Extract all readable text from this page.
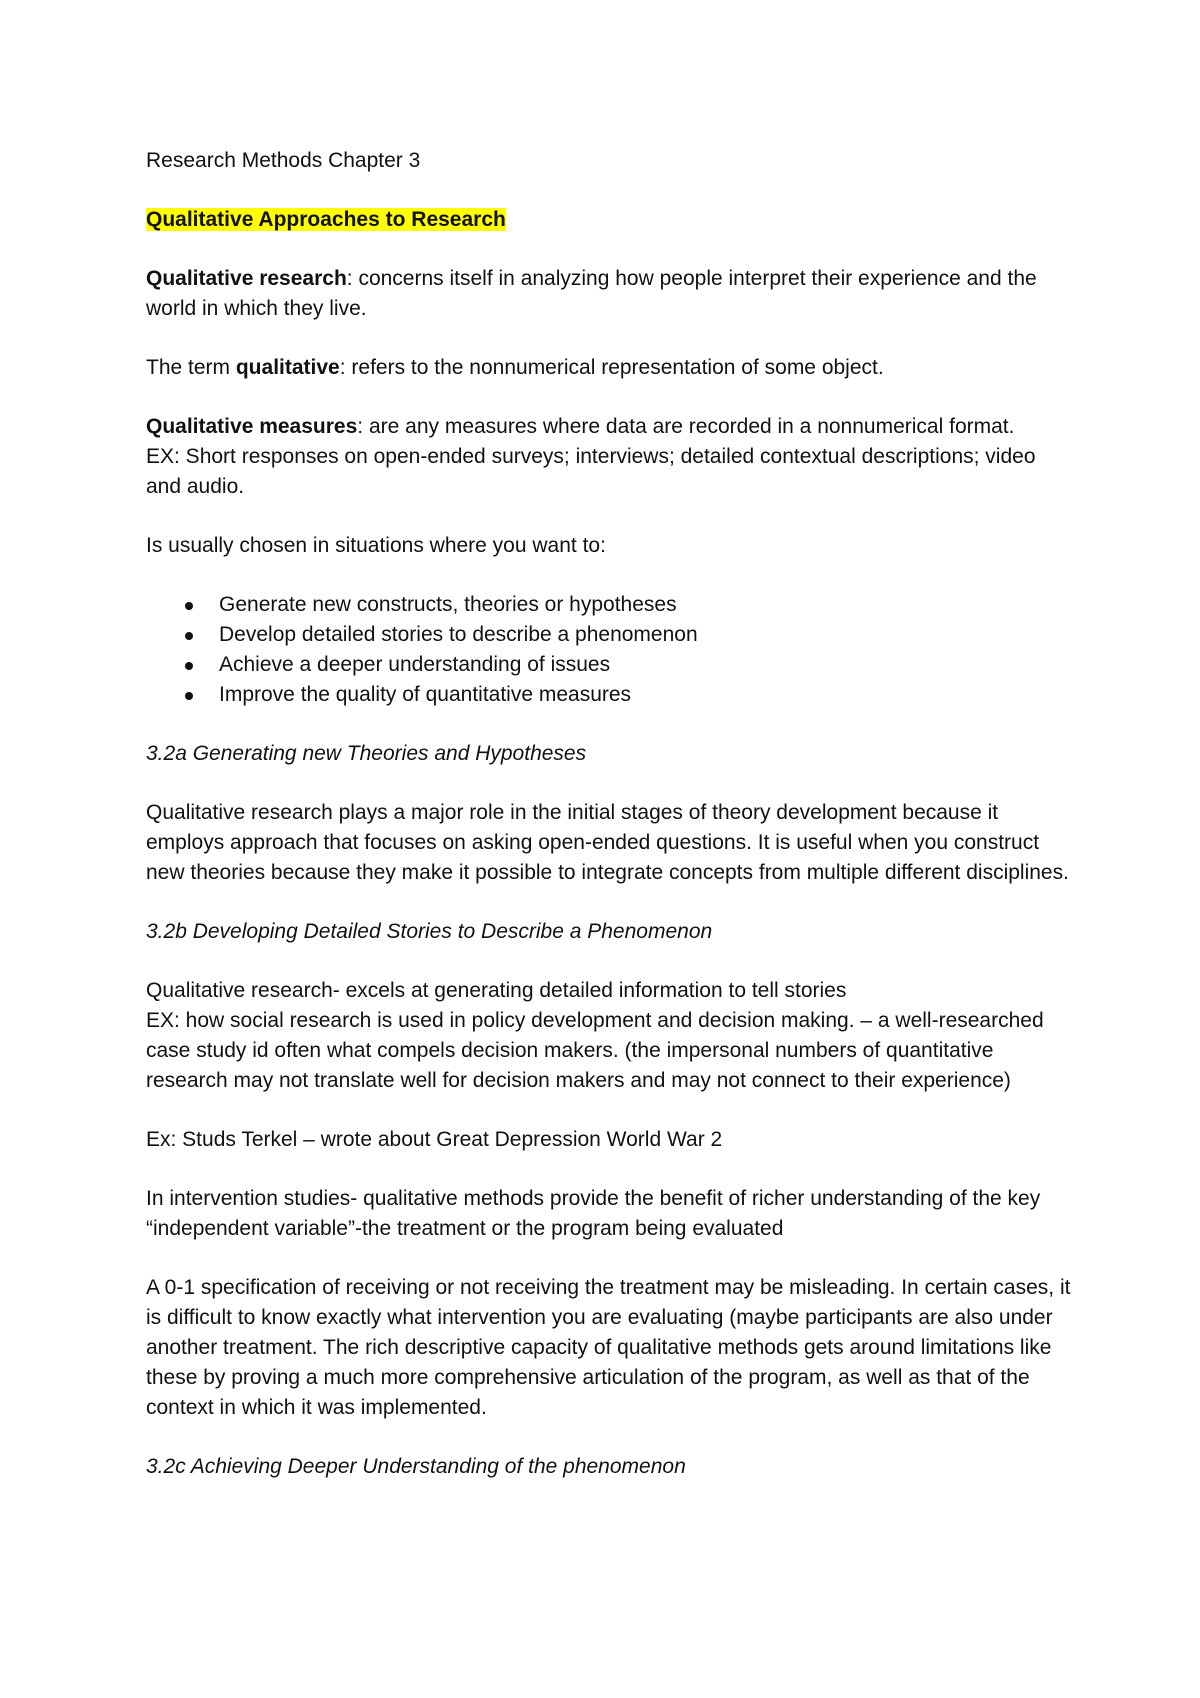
Research Methods Chapter 3

Qualitative Approaches to Research

Qualitative research: concerns itself in analyzing how people interpret their experience and the world in which they live.

The term qualitative: refers to the nonnumerical representation of some object.

Qualitative measures: are any measures where data are recorded in a nonnumerical format.
EX: Short responses on open-ended surveys; interviews; detailed contextual descriptions; video and audio.

Is usually chosen in situations where you want to:

Generate new constructs, theories or hypotheses
Develop detailed stories to describe a phenomenon
Achieve a deeper understanding of issues
Improve the quality of quantitative measures

3.2a Generating new Theories and Hypotheses

Qualitative research plays a major role in the initial stages of theory development because it employs approach that focuses on asking open-ended questions. It is useful when you construct new theories because they make it possible to integrate concepts from multiple different disciplines.

3.2b Developing Detailed Stories to Describe a Phenomenon

Qualitative research- excels at generating detailed information to tell stories
EX: how social research is used in policy development and decision making. – a well-researched case study id often what compels decision makers. (the impersonal numbers of quantitative research may not translate well for decision makers and may not connect to their experience)

Ex: Studs Terkel – wrote about Great Depression World War 2

In intervention studies- qualitative methods provide the benefit of richer understanding of the key “independent variable”-the treatment or the program being evaluated

A 0-1 specification of receiving or not receiving the treatment may be misleading. In certain cases, it is difficult to know exactly what intervention you are evaluating (maybe participants are also under another treatment. The rich descriptive capacity of qualitative methods gets around limitations like these by proving a much more comprehensive articulation of the program, as well as that of the context in which it was implemented.

3.2c Achieving Deeper Understanding of the phenomenon
